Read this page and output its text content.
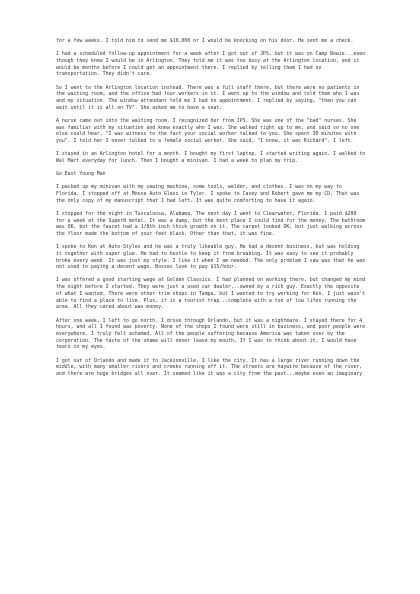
for a few weeks. I told him to send me $10,000 or I would be knocking on his door. He sent me a check.

I had a scheduled follow-up appointment for a week after I got out of JPS, but it was on Camp Bowie...even though they knew I would be in Arlington. They told me it was too busy at the Arlington location, and it would be months before I could get an appointment there. I replied by telling them I had no transportation. They didn't care.

So I went to the Arlington location instead. There was a full staff there, but there were no patients in the waiting room, and the office had four workers in it. I went up to the window and told them who I was and my situation. The window attendant told me I had no appointment. I replied by saying, "then you can wait until it is all on TV". She asked me to have a seat.

A nurse came out into the waiting room. I recognized her from JPS. She was one of the "bad" nurses. She was familiar with my situation and knew exactly who I was. She walked right up to me, and said so no one else could hear, "I was witness to the fact your social worker talked to you. She spent 30 minutes with you". I told her I never talked to a female social worker. She said, "I know, it was Richard". I left.

I stayed in an Arlington hotel for a month. I bought my first laptop. I started writing again. I walked to Wal Mart everyday for lunch. Then I bought a minivan. I had a week to plan my trip.

Go East Young Man

I packed up my minivan with my sewing machine, some tools, welder, and clothes. I was on my way to Florida. I stopped off at Moose Auto Glass in Tyler. I spoke to Casey and Robert gave me my CD. That was the only copy of my manuscript that I had left. It was quite comforting to have it again.

I stopped for the night in Tuscaloosa, Alabama. The next day I went to Clearwater, Florida. I paid $200 for a week at the Super8 motel. It was a dump, but the best place I could find for the money. The bathroom was OK, but the faucet had a 1/8th inch thick growth on it. The carpet looked OK, but just walking across the floor made the bottom of your feet black. Other than that, it was fine.

I spoke to Ken at Auto-Styles and he was a truly likeable guy. He had a decent business, but was holding it together with super glue. He had to hustle to keep it from breaking. It was easy to see it probably broke every week. It was just my style. I like it when I am needed. The only problem I saw was that he was not used to paying a decent wage. Bosses love to pay $15/hour.

I was offered a good starting wage at Golden Classics. I had planned on working there, but changed my mind the night before I started. They were just a used car dealer...owned by a rich guy. Exactly the opposite of what I wanted. There were other trim shops in Tampa, but I wanted to try working for Ken. I just wasn't able to find a place to live. Plus, it is a tourist trap...complete with a ton of low lifes running the area. All they cared about was money.

After one week, I left to go north. I drove through Orlando, but it was a nightmare. I stayed there for 4 hours, and all I found was poverty. None of the shops I found were still in business, and poor people were everywhere. I truly felt ashamed. All of the people suffering because America was taken over by the corporation. The taste of the shame will never leave my mouth. If I was to think about it, I would have tears in my eyes.

I got out of Orlando and made it to Jacksonville. I like the city. It has a large river running down the middle, with many smaller rivers and creeks running off it. The streets are haywire because of the river, and there are huge bridges all over. It seemed like it was a city from the past...maybe even an imaginary
